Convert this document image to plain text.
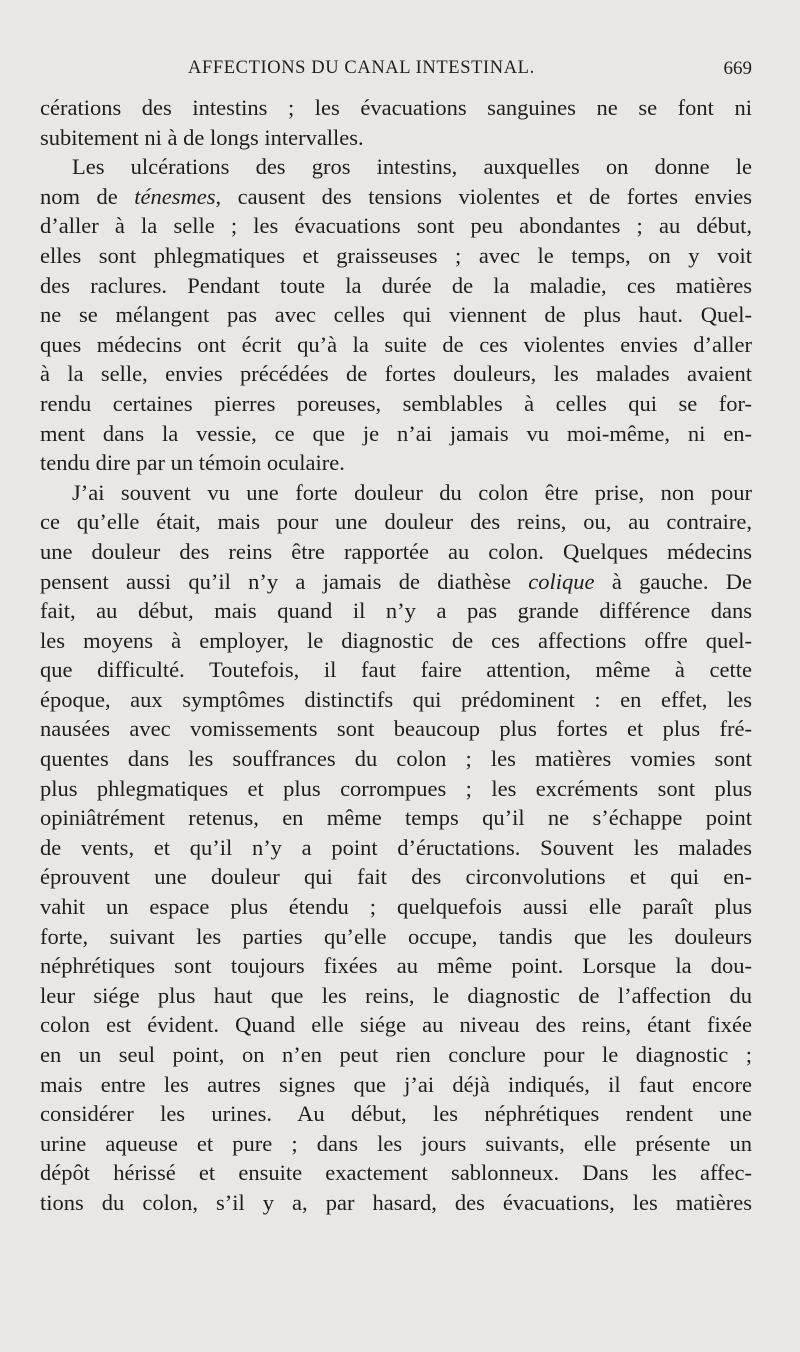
AFFECTIONS DU CANAL INTESTINAL.	669
cérations des intestins ; les évacuations sanguines ne se font ni
subitement ni à de longs intervalles.
Les ulcérations des gros intestins, auxquelles on donne le
nom de ténesmes, causent des tensions violentes et de fortes envies
d’aller à la selle ; les évacuations sont peu abondantes ; au début,
elles sont phlegmatiques et graisseuses ; avec le temps, on y voit
des raclures. Pendant toute la durée de la maladie, ces matières
ne se mélangent pas avec celles qui viennent de plus haut. Quel-
ques médecins ont écrit qu’à la suite de ces violentes envies d’aller
à la selle, envies précédées de fortes douleurs, les malades avaient
rendu certaines pierres poreuses, semblables à celles qui se for-
ment dans la vessie, ce que je n’ai jamais vu moi-même, ni en-
tendu dire par un témoin oculaire.
J’ai souvent vu une forte douleur du colon être prise, non pour
ce qu’elle était, mais pour une douleur des reins, ou, au contraire,
une douleur des reins être rapportée au colon. Quelques médecins
pensent aussi qu’il n’y a jamais de diathèse colique à gauche. De
fait, au début, mais quand il n’y a pas grande différence dans
les moyens à employer, le diagnostic de ces affections offre quel-
que difficulté. Toutefois, il faut faire attention, même à cette
époque, aux symptômes distinctifs qui prédominent : en effet, les
nausées avec vomissements sont beaucoup plus fortes et plus fré-
quentes dans les souffrances du colon ; les matières vomies sont
plus phlegmatiques et plus corrompues ; les excréments sont plus
opiniâtrément retenus, en même temps qu’il ne s’échappe point
de vents, et qu’il n’y a point d’éructations. Souvent les malades
éprouvent une douleur qui fait des circonvolutions et qui en-
vahit un espace plus étendu ; quelquefois aussi elle paraît plus
forte, suivant les parties qu’elle occupe, tandis que les douleurs
néphrétiques sont toujours fixées au même point. Lorsque la dou-
leur siége plus haut que les reins, le diagnostic de l’affection du
colon est évident. Quand elle siége au niveau des reins, étant fixée
en un seul point, on n’en peut rien conclure pour le diagnostic ;
mais entre les autres signes que j’ai déjà indiqués, il faut encore
considérer les urines. Au début, les néphrétiques rendent une
urine aqueuse et pure ; dans les jours suivants, elle présente un
dépôt hérissé et ensuite exactement sablonneux. Dans les affec-
tions du colon, s’il y a, par hasard, des évacuations, les matières
